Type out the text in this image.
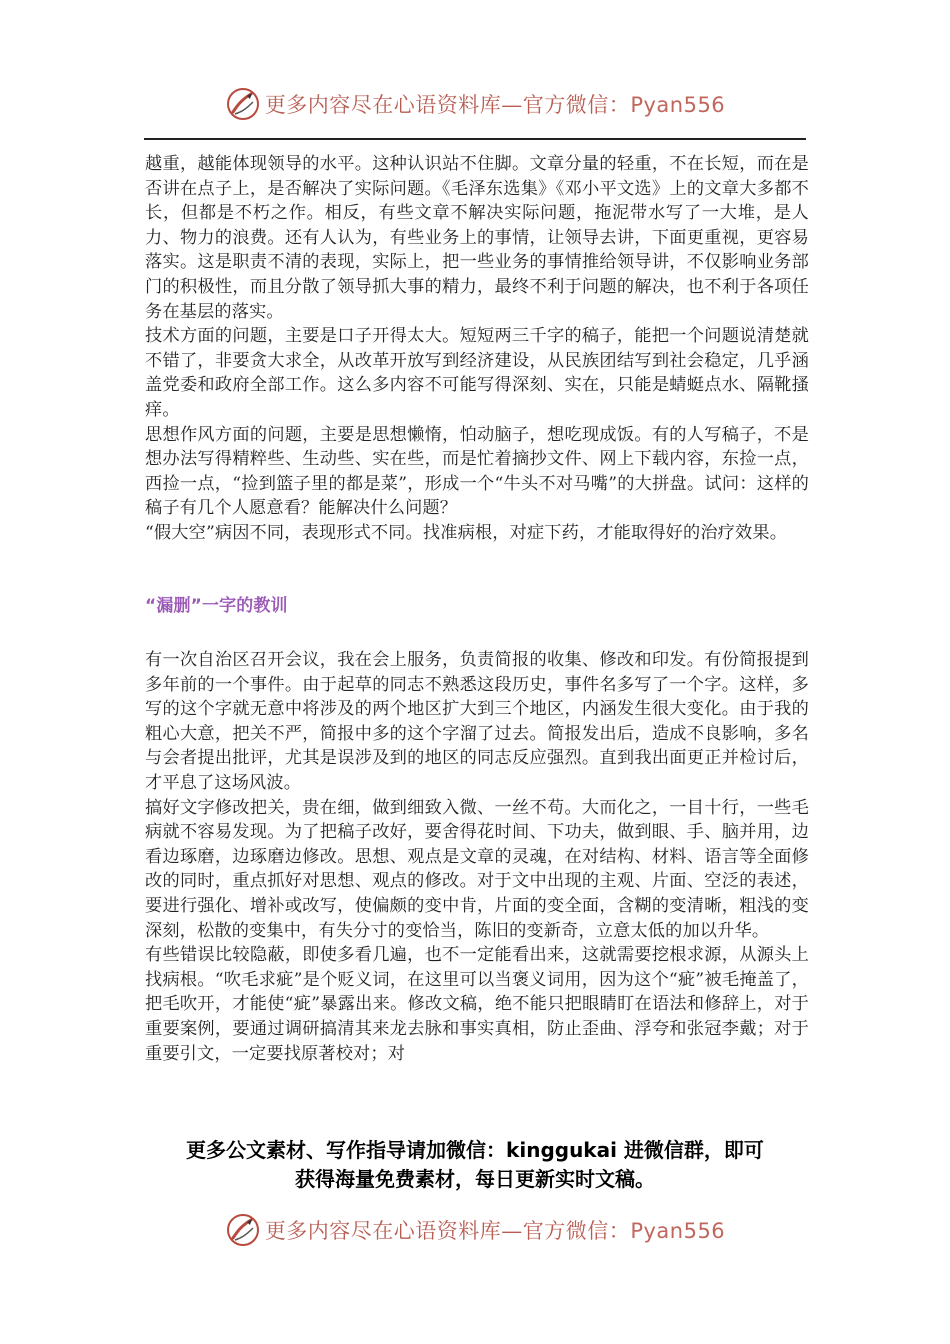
更多内容尽在心语资料库—官方微信：Pyan556

越重，越能体现领导的水平。这种认识站不住脚。文章分量的轻重，不在长短，而在是否讲在点子上，是否解决了实际问题。《毛泽东选集》《邓小平文选》上的文章大多都不长，但都是不朽之作。相反，有些文章不解决实际问题，拖泥带水写了一大堆，是人力、物力的浪费。还有人认为，有些业务上的事情，让领导去讲，下面更重视，更容易落实。这是职责不清的表现，实际上，把一些业务的事情推给领导讲，不仅影响业务部门的积极性，而且分散了领导抓大事的精力，最终不利于问题的解决，也不利于各项任务在基层的落实。

技术方面的问题，主要是口子开得太大。短短两三千字的稿子，能把一个问题说清楚就不错了，非要贪大求全，从改革开放写到经济建设，从民族团结写到社会稳定，几乎涵盖党委和政府全部工作。这么多内容不可能写得深刻、实在，只能是蜻蜓点水、隔靴搔痒。

思想作风方面的问题，主要是思想懒惰，怕动脑子，想吃现成饭。有的人写稿子，不是想办法写得精粹些、生动些、实在些，而是忙着摘抄文件、网上下载内容，东捡一点，西捡一点，“捡到篮子里的都是菜”，形成一个“牛头不对马嘴”的大拼盘。试问：这样的稿子有几个人愿意看？能解决什么问题？

“假大空”病因不同，表现形式不同。找准病根，对症下药，才能取得好的治疗效果。

“漏删”一字的教训

有一次自治区召开会议，我在会上服务，负责简报的收集、修改和印发。有份简报提到多年前的一个事件。由于起草的同志不熟悉这段历史，事件名多写了一个字。这样，多写的这个字就无意中将涉及的两个地区扩大到三个地区，内涵发生很大变化。由于我的粗心大意，把关不严，简报中多的这个字溜了过去。简报发出后，造成不良影响，多名与会者提出批评，尤其是误涉及到的地区的同志反应强烈。直到我出面更正并检讨后，才平息了这场风波。

搞好文字修改把关，贵在细，做到细致入微、一丝不苟。大而化之，一目十行，一些毛病就不容易发现。为了把稿子改好，要舍得花时间、下功夫，做到眼、手、脑并用，边看边琢磨，边琢磨边修改。思想、观点是文章的灵魂，在对结构、材料、语言等全面修改的同时，重点抓好对思想、观点的修改。对于文中出现的主观、片面、空泛的表述，要进行强化、增补或改写，使偏颇的变中肯，片面的变全面，含糊的变清晰，粗浅的变深刻，松散的变集中，有失分寸的变恰当，陈旧的变新奇，立意太低的加以升华。

有些错误比较隐蔽，即使多看几遍，也不一定能看出来，这就需要挖根求源，从源头上找病根。“吹毛求疵”是个贬义词，在这里可以当褒义词用，因为这个“疵”被毛掩盖了，把毛吹开，才能使“疵”暴露出来。修改文稿，绝不能只把眼睛盯在语法和修辞上，对于重要案例，要通过调研搞清其来龙去脉和事实真相，防止歪曲、浮夸和张冠李戴；对于重要引文，一定要找原著校对；对

更多公文素材、写作指导请加微信：kinggukai 进微信群，即可
获得海量免费素材，每日更新实时文稿。
更多内容尽在心语资料库—官方微信：Pyan556
